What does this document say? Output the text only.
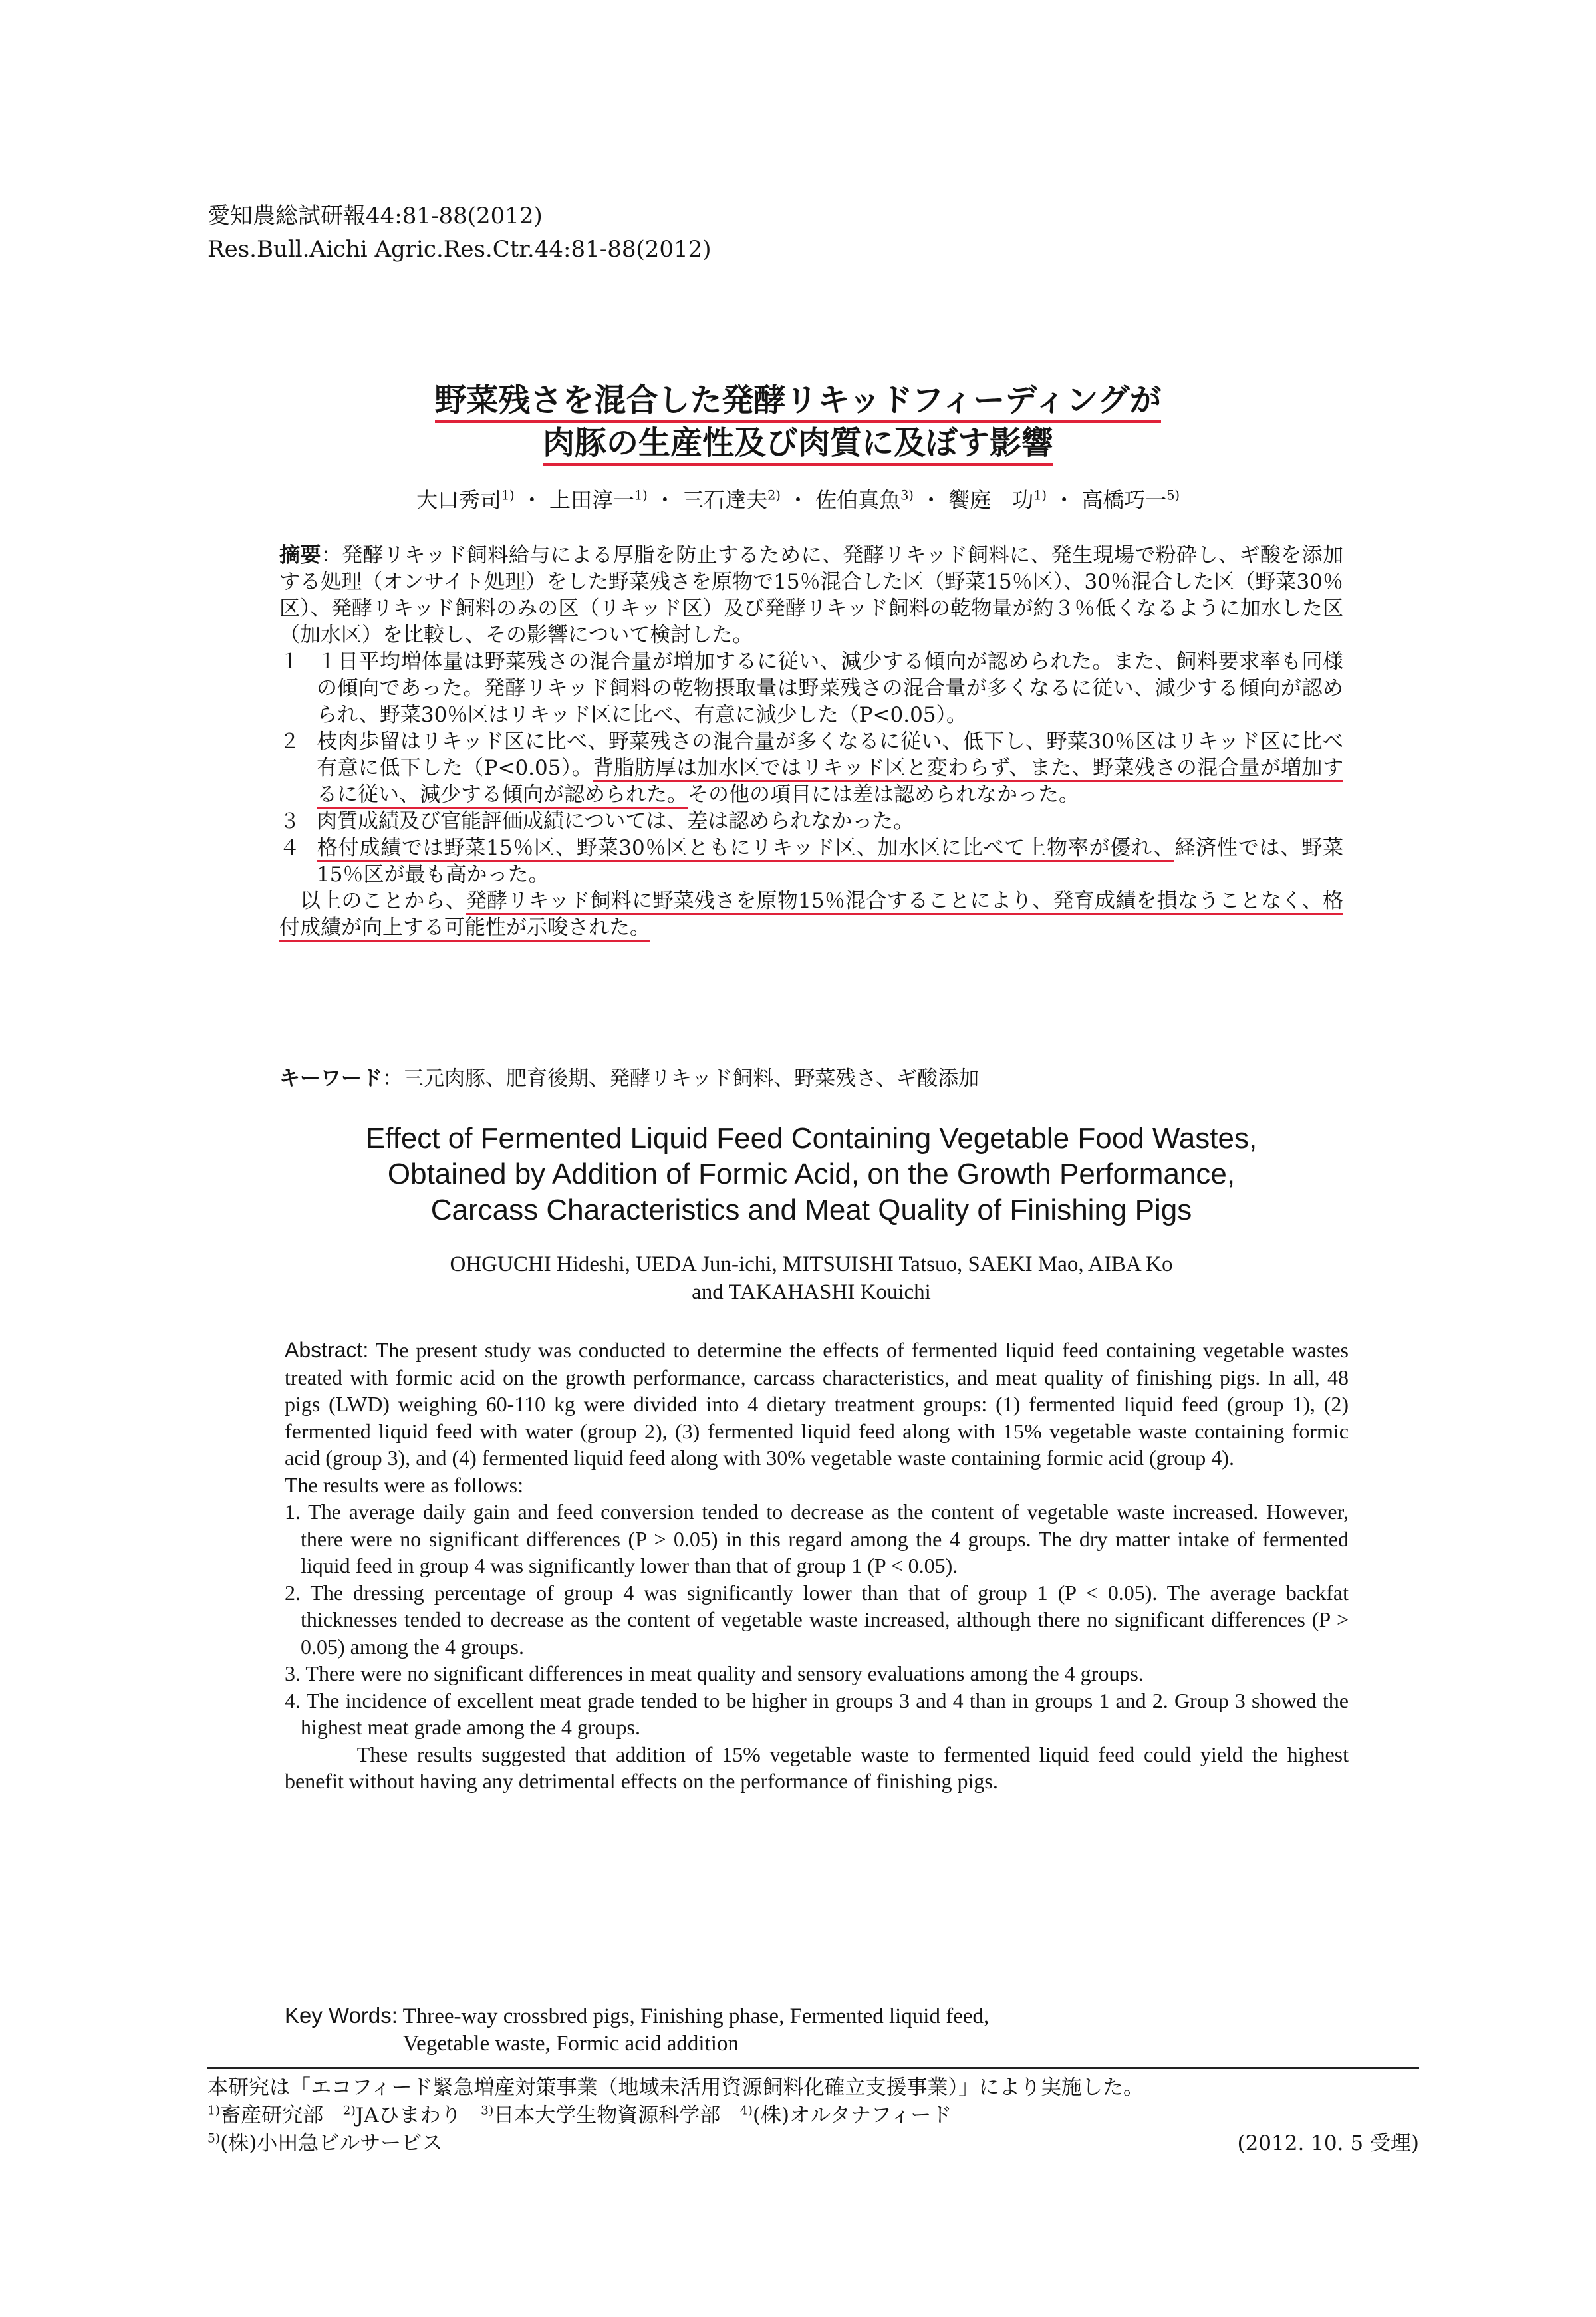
愛知農総試研報44:81-88(2012)
Res.Bull.Aichi Agric.Res.Ctr.44:81-88(2012)
野菜残さを混合した発酵リキッドフィーディングが
肉豚の生産性及び肉質に及ぼす影響
大口秀司$^{1)}$ ・ 上田淳一$^{1)}$ ・ 三石達夫$^{2)}$ ・ 佐伯真魚$^{3)}$ ・ 饗庭　功$^{1)}$ ・ 高橋巧一$^{5)}$

摘要：発酵リキッド飼料給与による厚脂を防止するために、発酵リキッド飼料に、発生現場で粉砕し、ギ酸を添加する処理（オンサイト処理）をした野菜残さを原物で15％混合した区（野菜15％区）、30％混合した区（野菜30％区）、発酵リキッド飼料のみの区（リキッド区）及び発酵リキッド飼料の乾物量が約３％低くなるように加水した区（加水区）を比較し、その影響について検討した。

１ １日平均増体量は野菜残さの混合量が増加するに従い、減少する傾向が認められた。また、飼料要求率も同様の傾向であった。発酵リキッド飼料の乾物摂取量は野菜残さの混合量が多くなるに従い、減少する傾向が認められ、野菜30％区はリキッド区に比べ、有意に減少した（P<0.05）。

２ 枝肉歩留はリキッド区に比べ、野菜残さの混合量が多くなるに従い、低下し、野菜30％区はリキッド区に比べ有意に低下した（P<0.05）。背脂肪厚は加水区ではリキッド区と変わらず、また、野菜残さの混合量が増加するに従い、減少する傾向が認められた。その他の項目には差は認められなかった。

３ 肉質成績及び官能評価成績については、差は認められなかった。

４ 格付成績では野菜15％区、野菜30％区ともにリキッド区、加水区に比べて上物率が優れ、経済性では、野菜15％区が最も高かった。

以上のことから、発酵リキッド飼料に野菜残さを原物15％混合することにより、発育成績を損なうことなく、格付成績が向上する可能性が示唆された。

キーワード：三元肉豚、肥育後期、発酵リキッド飼料、野菜残さ、ギ酸添加
Effect of Fermented Liquid Feed Containing Vegetable Food Wastes,
Obtained by Addition of Formic Acid, on the Growth Performance,
Carcass Characteristics and Meat Quality of Finishing Pigs
OHGUCHI Hideshi, UEDA Jun-ichi, MITSUISHI Tatsuo, SAEKI Mao, AIBA Ko
and TAKAHASHI Kouichi

Abstract: The present study was conducted to determine the effects of fermented liquid feed containing vegetable wastes treated with formic acid on the growth performance, carcass characteristics, and meat quality of finishing pigs. In all, 48 pigs (LWD) weighing 60-110 kg were divided into 4 dietary treatment groups: (1) fermented liquid feed (group 1), (2) fermented liquid feed with water (group 2), (3) fermented liquid feed along with 15% vegetable waste containing formic acid (group 3), and (4) fermented liquid feed along with 30% vegetable waste containing formic acid (group 4).

The results were as follows:

1. The average daily gain and feed conversion tended to decrease as the content of vegetable waste increased. However, there were no significant differences (P > 0.05) in this regard among the 4 groups. The dry matter intake of fermented liquid feed in group 4 was significantly lower than that of group 1 (P < 0.05).

2. The dressing percentage of group 4 was significantly lower than that of group 1 (P < 0.05). The average backfat thicknesses tended to decrease as the content of vegetable waste increased, although there no significant differences (P > 0.05) among the 4 groups.

3. There were no significant differences in meat quality and sensory evaluations among the 4 groups.

4. The incidence of excellent meat grade tended to be higher in groups 3 and 4 than in groups 1 and 2. Group 3 showed the highest meat grade among the 4 groups.

These results suggested that addition of 15% vegetable waste to fermented liquid feed could yield the highest benefit without having any detrimental effects on the performance of finishing pigs.

Key Words: Three-way crossbred pigs, Finishing phase, Fermented liquid feed,
Vegetable waste, Formic acid addition
本研究は「エコフィード緊急増産対策事業（地域未活用資源飼料化確立支援事業）」により実施した。
$^{1)}$畜産研究部 $^{2)}$JAひまわり $^{3)}$日本大学生物資源科学部 $^{4)}$(株)オルタナフィード
$^{5)}$(株)小田急ビルサービス	(2012. 10. 5 受理)
